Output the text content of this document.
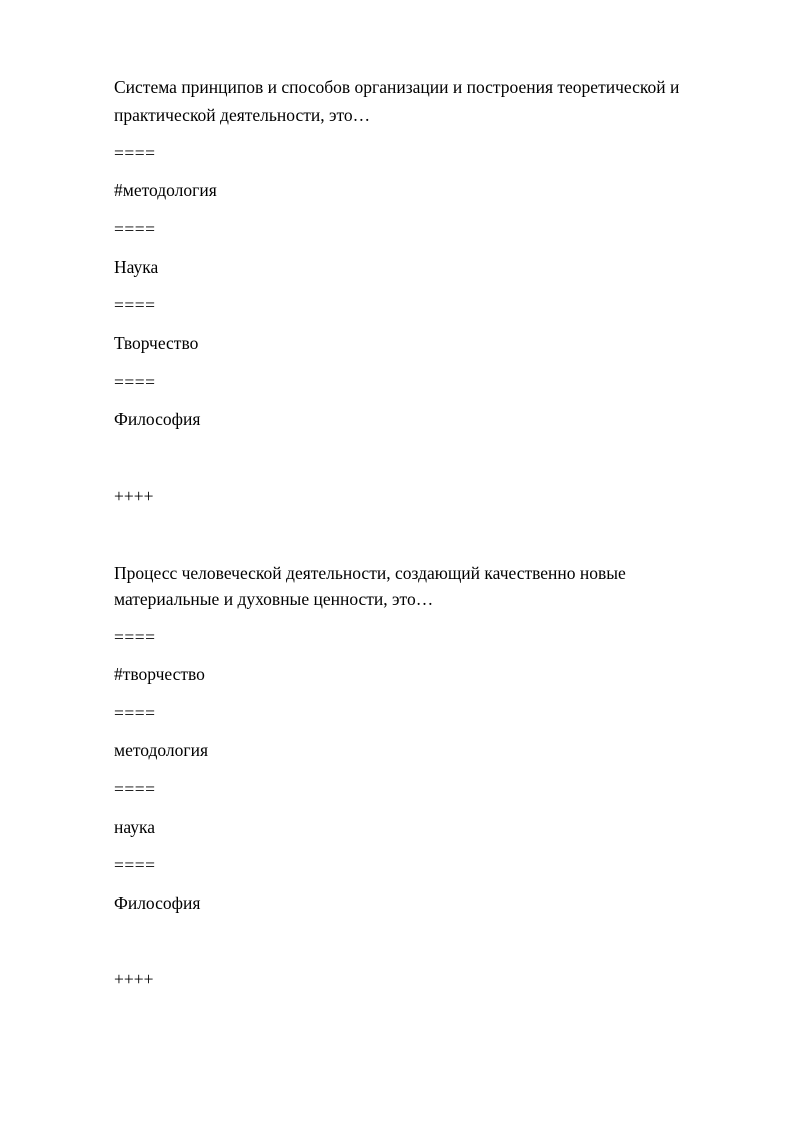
Система принципов и способов организации и построения теоретической и
практической деятельности, это…
====
#методология
====
Наука
====
Творчество
====
Философия
++++
Процесс человеческой деятельности, создающий качественно новые
материальные и духовные ценности, это…
====
#творчество
====
методология
====
наука
====
Философия
++++
